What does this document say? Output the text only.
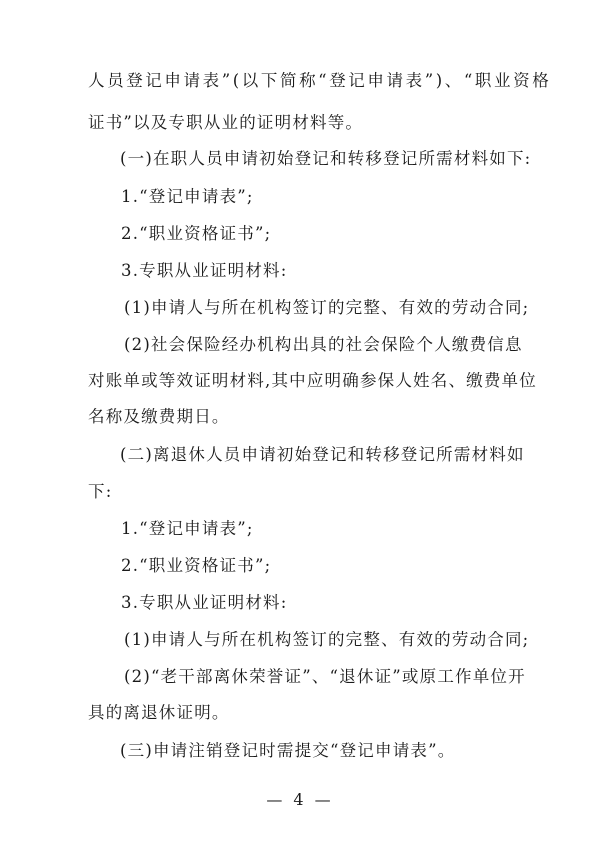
人员登记申请表”(以下简称“登记申请表”)、“职业资格
证书”以及专职从业的证明材料等。
(一)在职人员申请初始登记和转移登记所需材料如下:
1.“登记申请表”;
2.“职业资格证书”;
3.专职从业证明材料:
(1)申请人与所在机构签订的完整、有效的劳动合同;
(2)社会保险经办机构出具的社会保险个人缴费信息
对账单或等效证明材料,其中应明确参保人姓名、缴费单位
名称及缴费期日。
(二)离退休人员申请初始登记和转移登记所需材料如
下:
1.“登记申请表”;
2.“职业资格证书”;
3.专职从业证明材料:
(1)申请人与所在机构签订的完整、有效的劳动合同;
(2)“老干部离休荣誉证”、“退休证”或原工作单位开
具的离退休证明。
(三)申请注销登记时需提交“登记申请表”。
— 4 —
